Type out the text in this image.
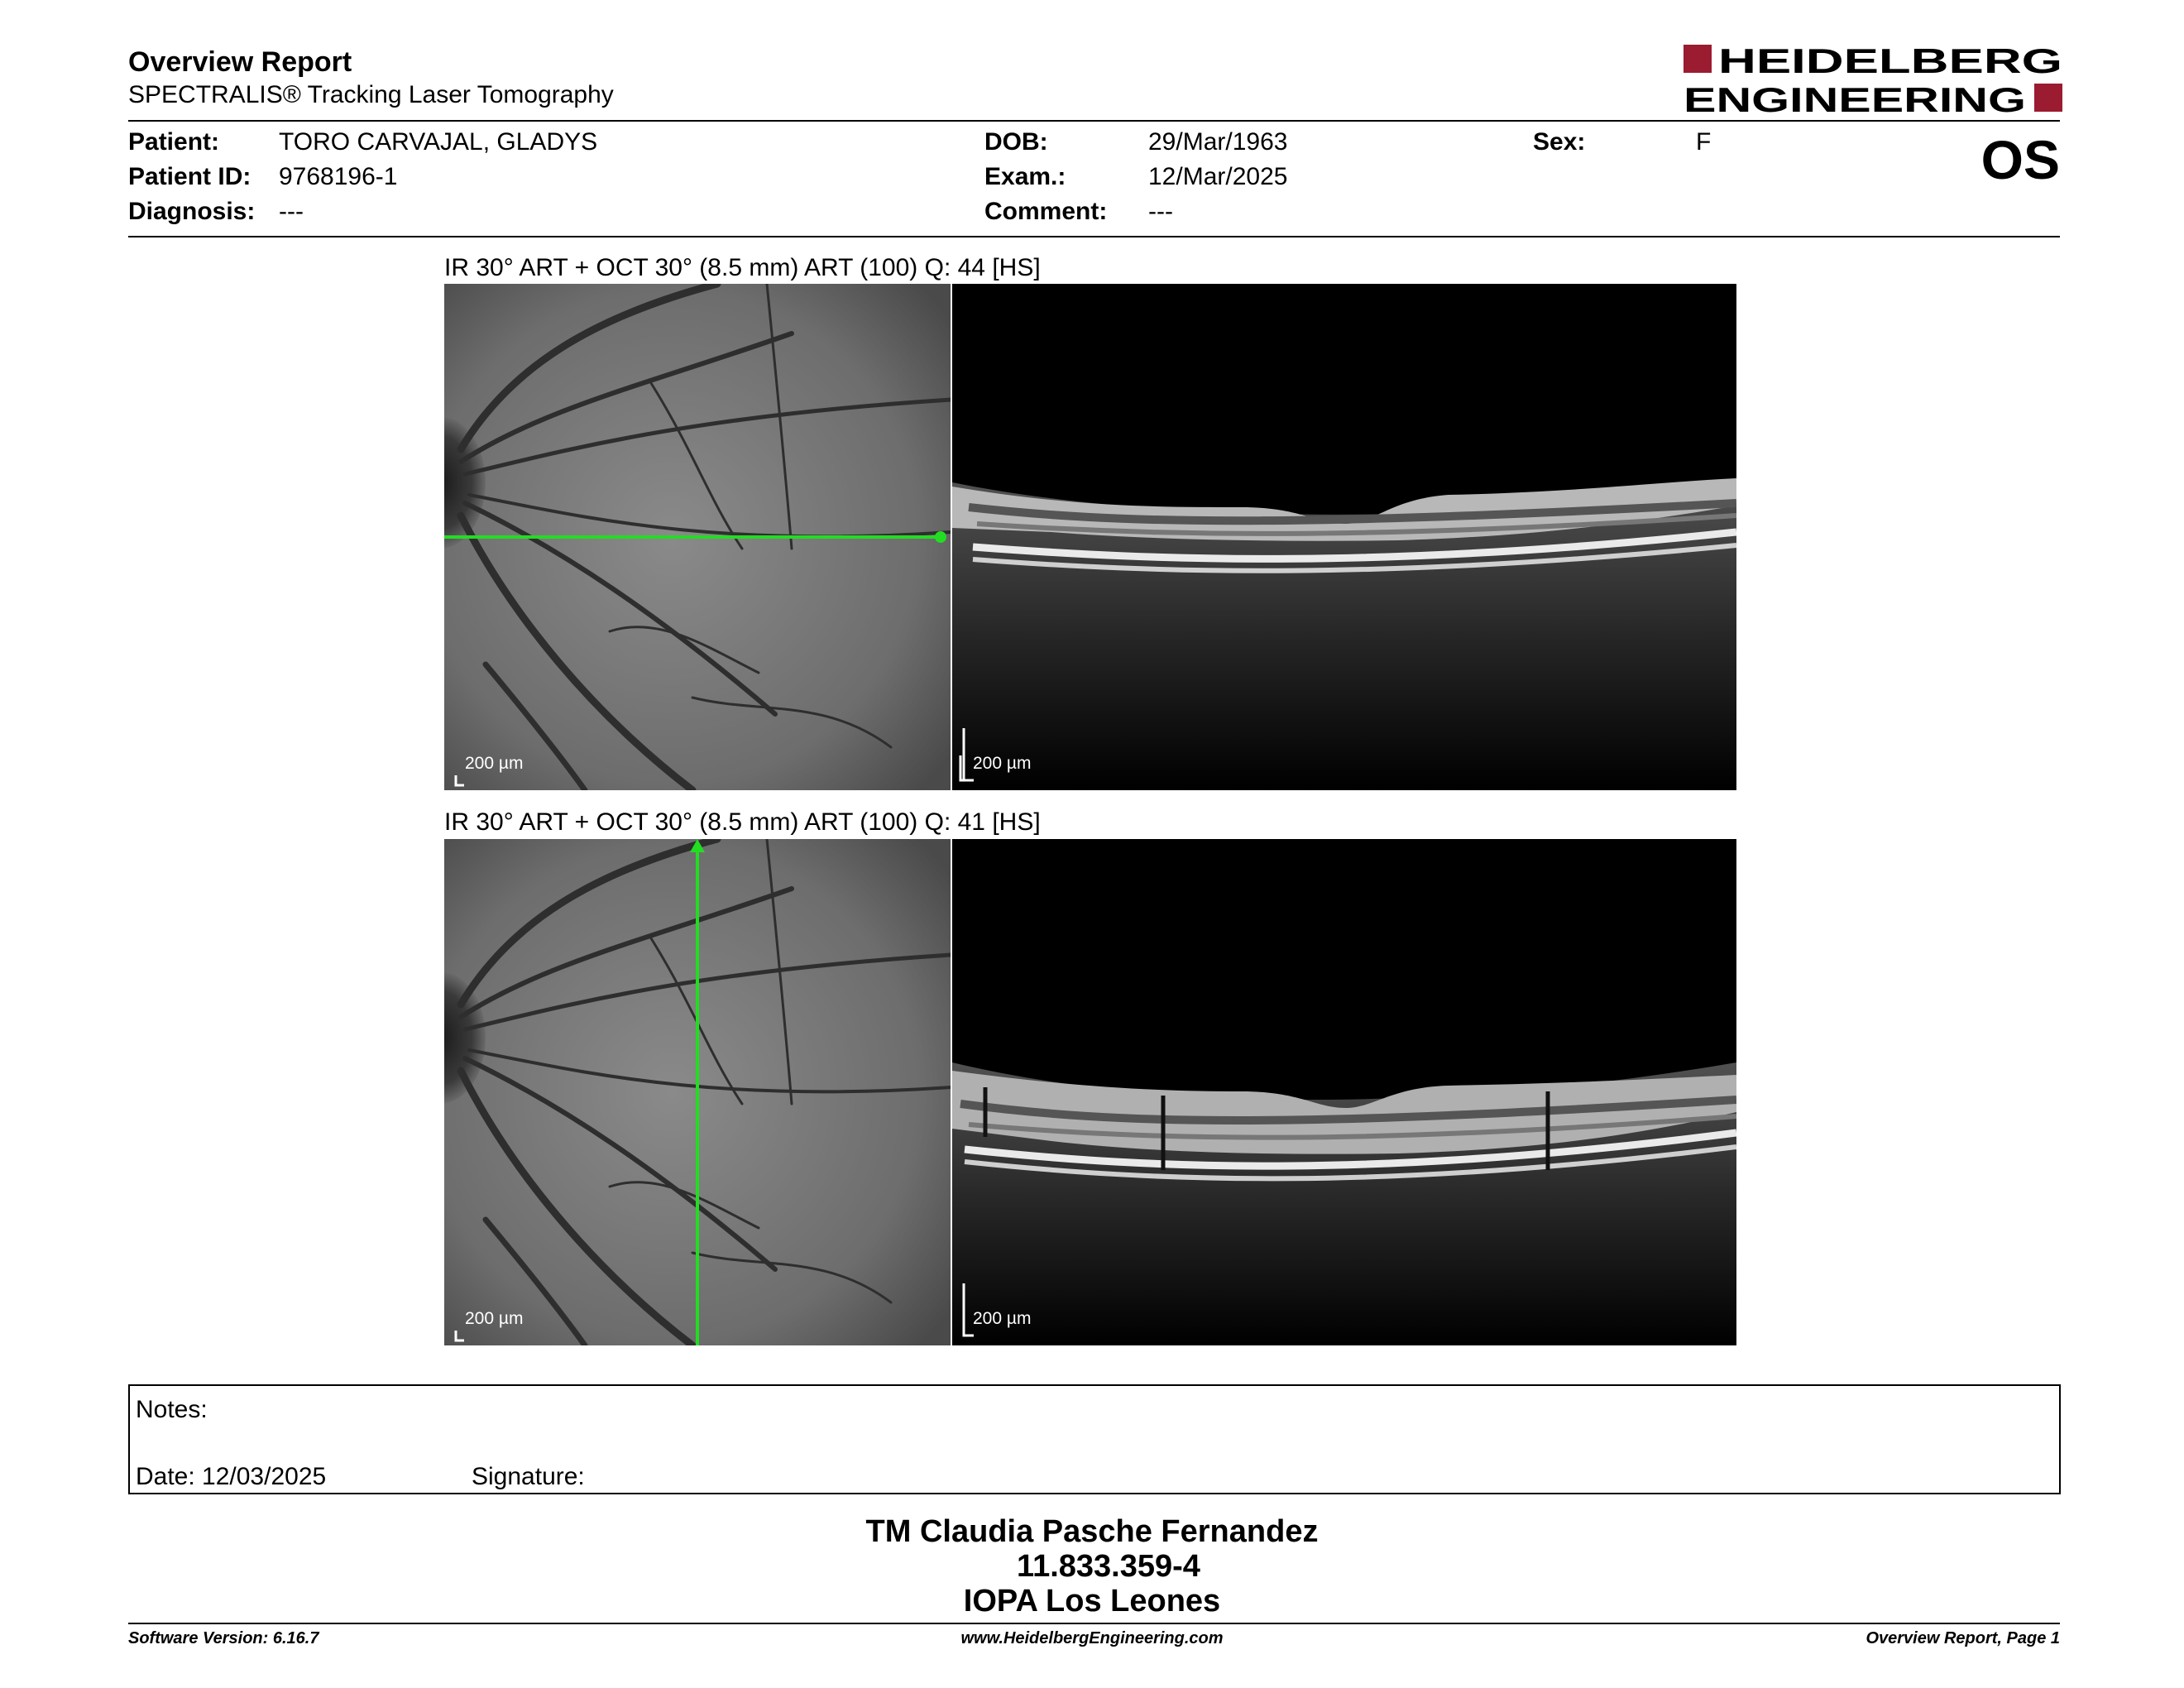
Overview Report
SPECTRALIS® Tracking Laser Tomography
HEIDELBERG
ENGINEERING
Patient: TORO CARVAJAL, GLADYS
Patient ID: 9768196-1
Diagnosis: ---
DOB:	29/Mar/1963
Exam.:	12/Mar/2025
Comment: ---
Sex:	F	OS
IR 30° ART + OCT 30° (8.5 mm) ART (100) Q: 44 [HS]
200 µm	200 µm
IR 30° ART + OCT 30° (8.5 mm) ART (100) Q: 41 [HS]
200 µm	200 µm
Notes:
Date: 12/03/2025	Signature:
TM Claudia Pasche Fernandez
11.833.359-4
IOPA Los Leones
Software Version: 6.16.7	www.HeidelbergEngineering.com	Overview Report, Page 1
